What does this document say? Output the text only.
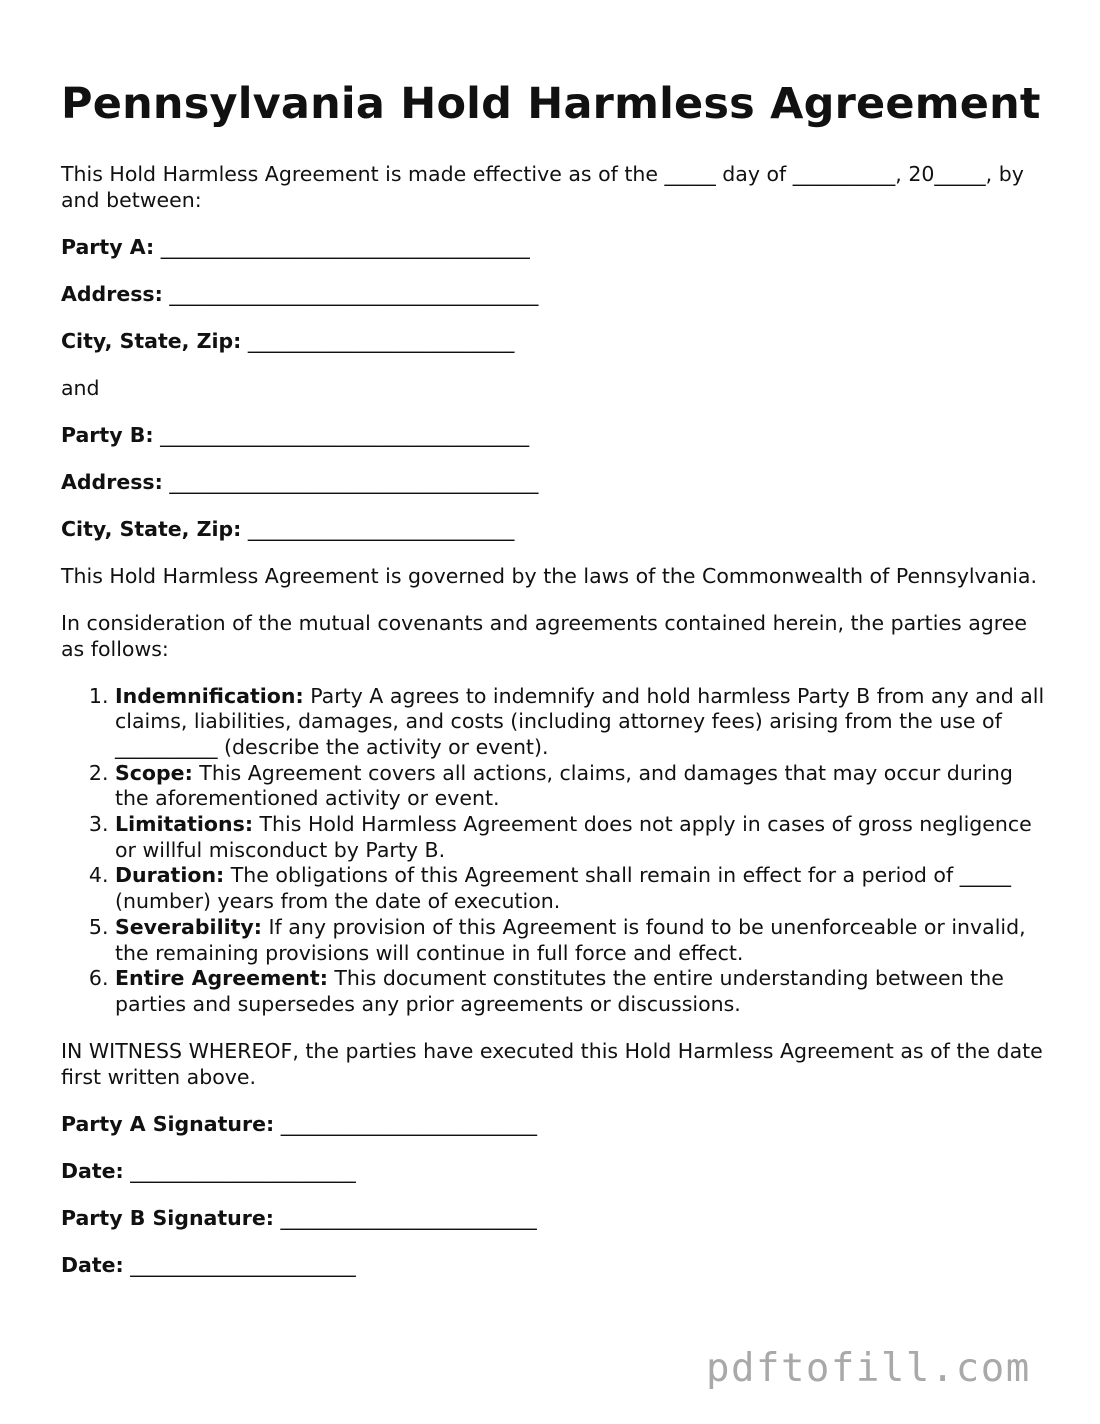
Pennsylvania Hold Harmless Agreement

This Hold Harmless Agreement is made effective as of the _____ day of __________, 20_____, by and between:

Party A: ____________________________________

Address: ____________________________________

City, State, Zip: __________________________

and

Party B: ____________________________________

Address: ____________________________________

City, State, Zip: __________________________

This Hold Harmless Agreement is governed by the laws of the Commonwealth of Pennsylvania.

In consideration of the mutual covenants and agreements contained herein, the parties agree as follows:

1. Indemnification: Party A agrees to indemnify and hold harmless Party B from any and all claims, liabilities, damages, and costs (including attorney fees) arising from the use of __________ (describe the activity or event).
2. Scope: This Agreement covers all actions, claims, and damages that may occur during the aforementioned activity or event.
3. Limitations: This Hold Harmless Agreement does not apply in cases of gross negligence or willful misconduct by Party B.
4. Duration: The obligations of this Agreement shall remain in effect for a period of _____ (number) years from the date of execution.
5. Severability: If any provision of this Agreement is found to be unenforceable or invalid, the remaining provisions will continue in full force and effect.
6. Entire Agreement: This document constitutes the entire understanding between the parties and supersedes any prior agreements or discussions.

IN WITNESS WHEREOF, the parties have executed this Hold Harmless Agreement as of the date first written above.

Party A Signature: _________________________

Date: ______________________

Party B Signature: _________________________

Date: ______________________

pdftofill.com
